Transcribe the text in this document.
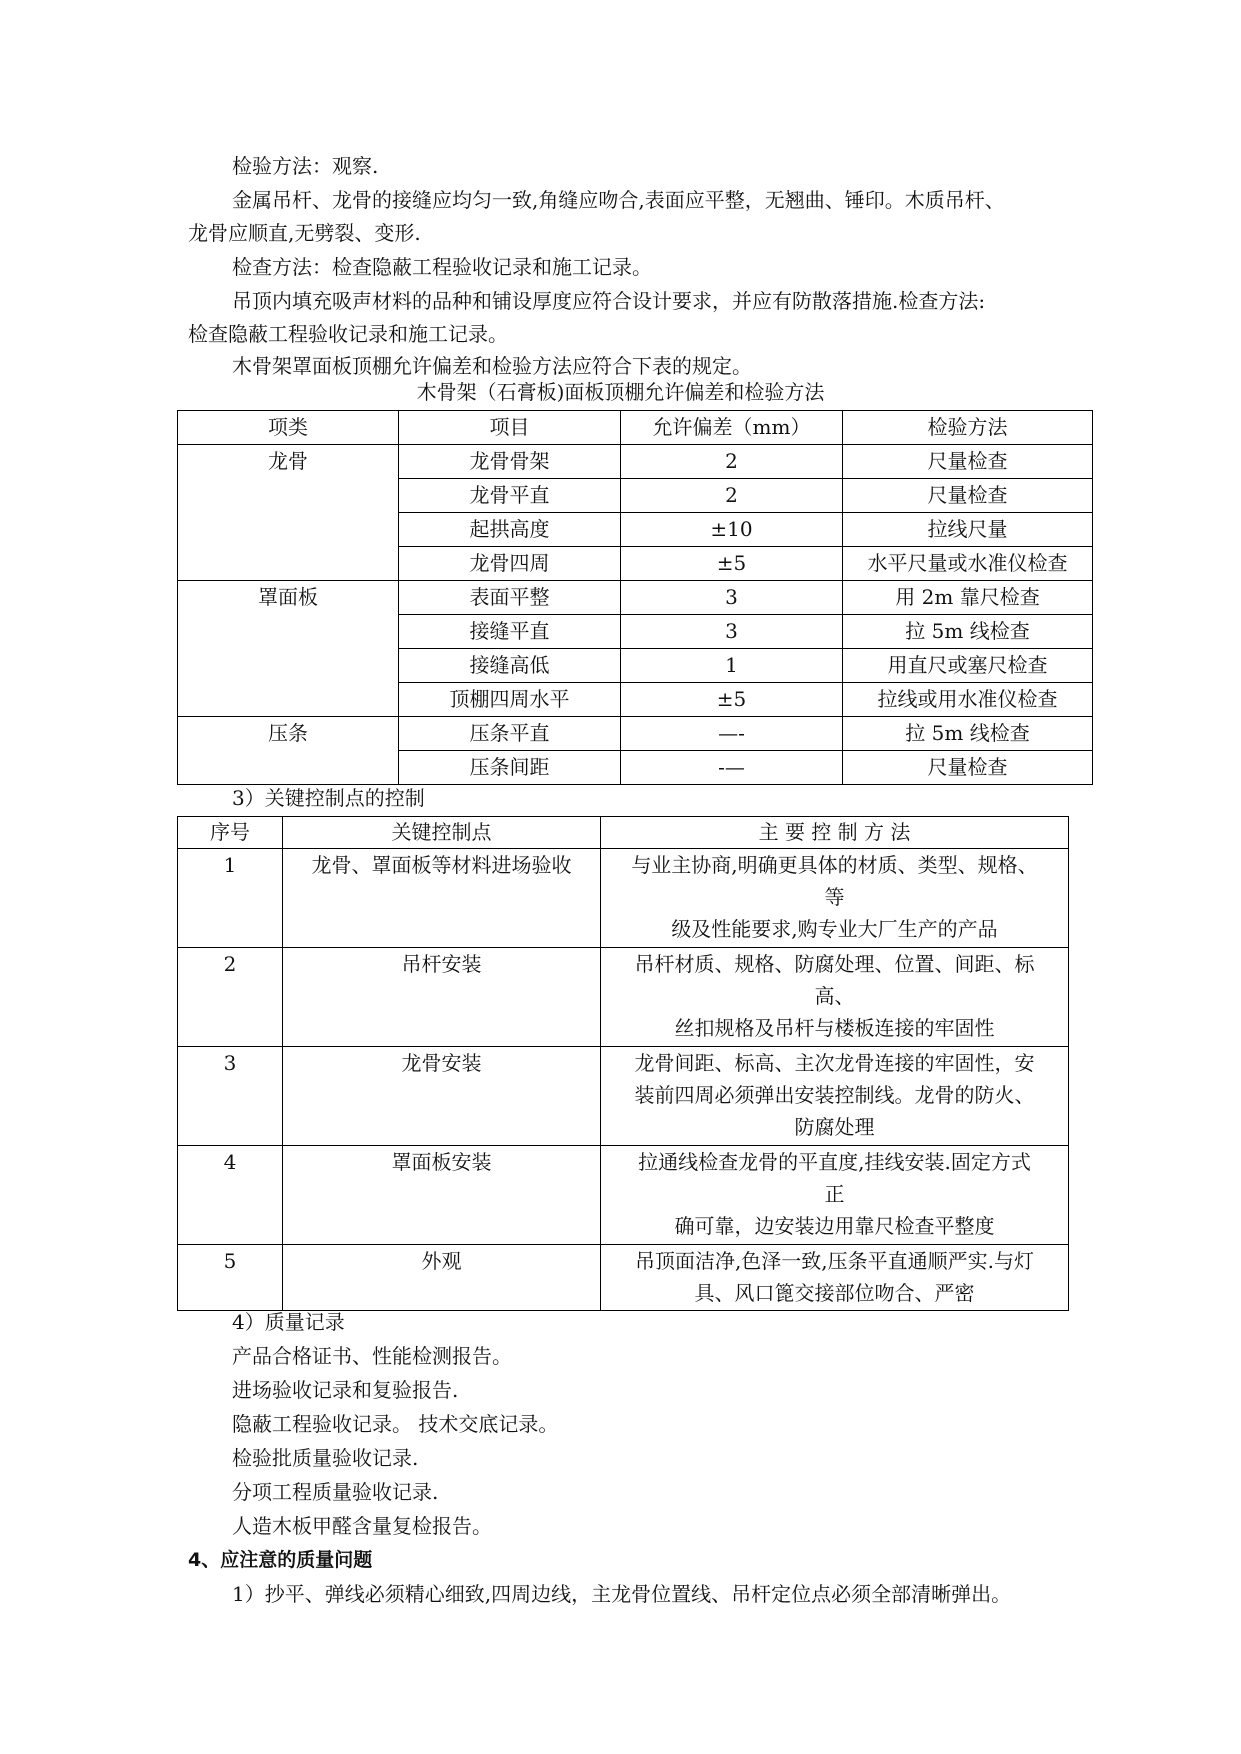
检验方法：观察.
金属吊杆、龙骨的接缝应均匀一致,角缝应吻合,表面应平整，无翘曲、锤印。木质吊杆、
龙骨应顺直,无劈裂、变形.
检查方法：检查隐蔽工程验收记录和施工记录。
吊顶内填充吸声材料的品种和铺设厚度应符合设计要求，并应有防散落措施.检查方法:
检查隐蔽工程验收记录和施工记录。
木骨架罩面板顶棚允许偏差和检验方法应符合下表的规定。
木骨架（石膏板)面板顶棚允许偏差和检验方法
项类	项目	允许偏差（mm）	检验方法
龙骨	龙骨骨架	2	尺量检查
	龙骨平直	2	尺量检查
	起拱高度	±10	拉线尺量
	龙骨四周	±5	水平尺量或水准仪检查
罩面板	表面平整	3	用 2m 靠尺检查
	接缝平直	3	拉 5m 线检查
	接缝高低	1	用直尺或塞尺检查
	顶棚四周水平	±5	拉线或用水准仪检查
压条	压条平直	—-	拉 5m 线检查
	压条间距	-—	尺量检查
3）关键控制点的控制
序号	关键控制点	主 要 控 制 方 法
1	龙骨、罩面板等材料进场验收	与业主协商,明确更具体的材质、类型、规格、
等
级及性能要求,购专业大厂生产的产品

2	吊杆安装	吊杆材质、规格、防腐处理、位置、间距、标
高、
丝扣规格及吊杆与楼板连接的牢固性

3	龙骨安装	龙骨间距、标高、主次龙骨连接的牢固性，安
装前四周必须弹出安装控制线。龙骨的防火、
防腐处理

4	罩面板安装	拉通线检查龙骨的平直度,挂线安装.固定方式
正
确可靠，边安装边用靠尺检查平整度

5	外观	吊顶面洁净,色泽一致,压条平直通顺严实.与灯
具、风口篦交接部位吻合、严密
4）质量记录
产品合格证书、性能检测报告。
进场验收记录和复验报告.
隐蔽工程验收记录。 技术交底记录。
检验批质量验收记录.
分项工程质量验收记录.
人造木板甲醛含量复检报告。
4、应注意的质量问题
1）抄平、弹线必须精心细致,四周边线，主龙骨位置线、吊杆定位点必须全部清晰弹出。
